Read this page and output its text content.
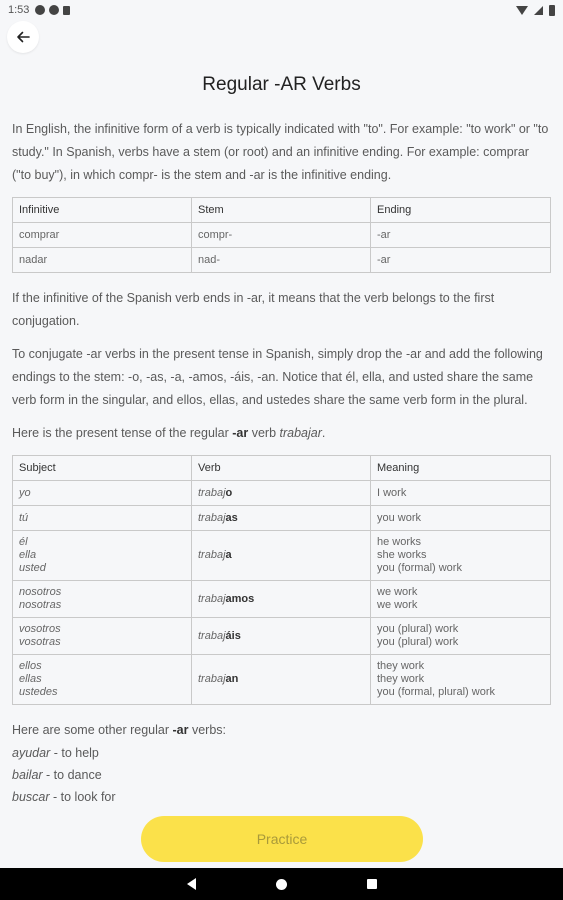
1:53
Regular -AR Verbs

In English, the infinitive form of a verb is typically indicated with "to". For example: "to work" or "to study." In Spanish, verbs have a stem (or root) and an infinitive ending. For example: comprar ("to buy"), in which compr- is the stem and -ar is the infinitive ending.

Infinitive	Stem	Ending
comprar	compr-	-ar
nadar	nad-	-ar

If the infinitive of the Spanish verb ends in -ar, it means that the verb belongs to the first conjugation.

To conjugate -ar verbs in the present tense in Spanish, simply drop the -ar and add the following endings to the stem: -o, -as, -a, -amos, -áis, -an. Notice that él, ella, and usted share the same verb form in the singular, and ellos, ellas, and ustedes share the same verb form in the plural.

Here is the present tense of the regular -ar verb trabajar.

Subject	Verb	Meaning

yo	trabajo	I work

tú	trabajas	you work

él
ella
usted	trabaja	he works
she works
you (formal) work

nosotros
nosotras	trabajamos	we work
we work

vosotros
vosotras	trabajáis	you (plural) work
you (plural) work

ellos
ellas
ustedes	trabajan	they work
they work
you (formal, plural) work

Here are some other regular -ar verbs:

ayudar - to help
bailar - to dance
buscar - to look for
Practice
